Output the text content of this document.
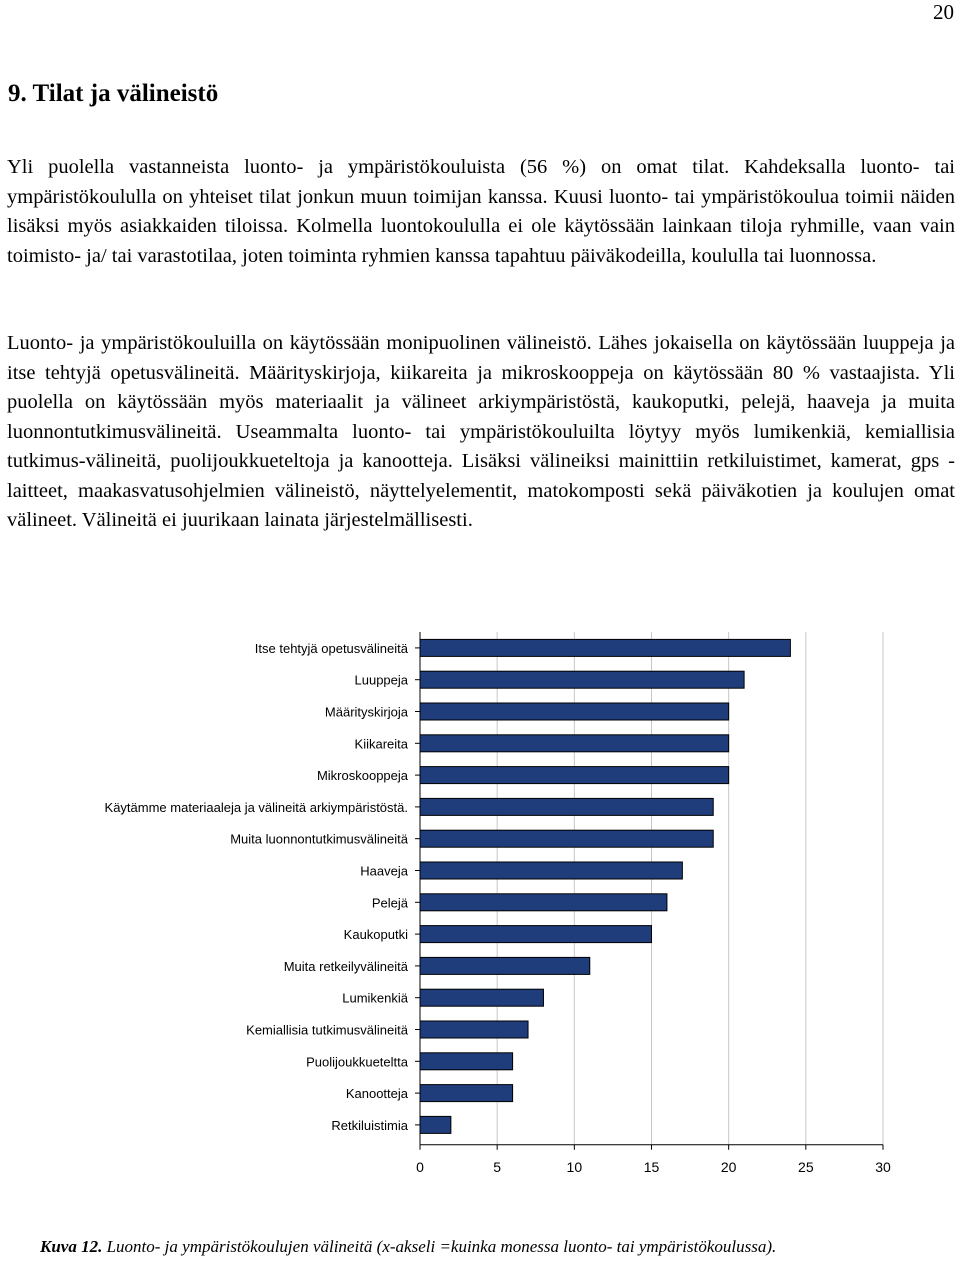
20
9. Tilat ja välineistö

Yli puolella vastanneista luonto- ja ympäristökouluista (56 %) on omat tilat. Kahdeksalla luonto- tai ympäristökoululla on yhteiset tilat jonkun muun toimijan kanssa. Kuusi luonto- tai ympäristökoulua toimii näiden lisäksi myös asiakkaiden tiloissa. Kolmella luontokoululla ei ole käytössään lainkaan tiloja ryhmille, vaan vain toimisto- ja/ tai varastotilaa, joten toiminta ryhmien kanssa tapahtuu päiväkodeilla, koululla tai luonnossa.

Luonto- ja ympäristökouluilla on käytössään monipuolinen välineistö. Lähes jokaisella on käytössään luuppeja ja itse tehtyjä opetusvälineitä. Määrityskirjoja, kiikareita ja mikroskooppeja on käytössään 80 % vastaajista. Yli puolella on käytössään myös materiaalit ja välineet arkiympäristöstä, kaukoputki, pelejä, haaveja ja muita luonnontutkimusvälineitä. Useammalta luonto- tai ympäristökouluilta löytyy myös lumikenkiä, kemiallisia tutkimus-välineitä, puolijoukkueteltoja ja kanootteja. Lisäksi välineiksi mainittiin retkiluistimet, kamerat, gps -laitteet, maakasvatusohjelmien välineistö, näyttelyelementit, matokomposti sekä päiväkotien ja koulujen omat välineet. Välineitä ei juurikaan lainata järjestelmällisesti.

0	5	10	15	20	25	30
Itse tehtyjä opetusvälineitä
Luuppeja
Määrityskirjoja
Kiikareita
Mikroskooppeja
Käytämme materiaaleja ja välineitä arkiympäristöstä.
Muita luonnontutkimusvälineitä
Haaveja
Pelejä
Kaukoputki
Muita retkeilyvälineitä
Lumikenkiä
Kemiallisia tutkimusvälineitä
Puolijoukkueteltta
Kanootteja
Retkiluistimia

Kuva 12. Luonto- ja ympäristökoulujen välineitä (x-akseli =kuinka monessa luonto- tai ympäristökoulussa).
